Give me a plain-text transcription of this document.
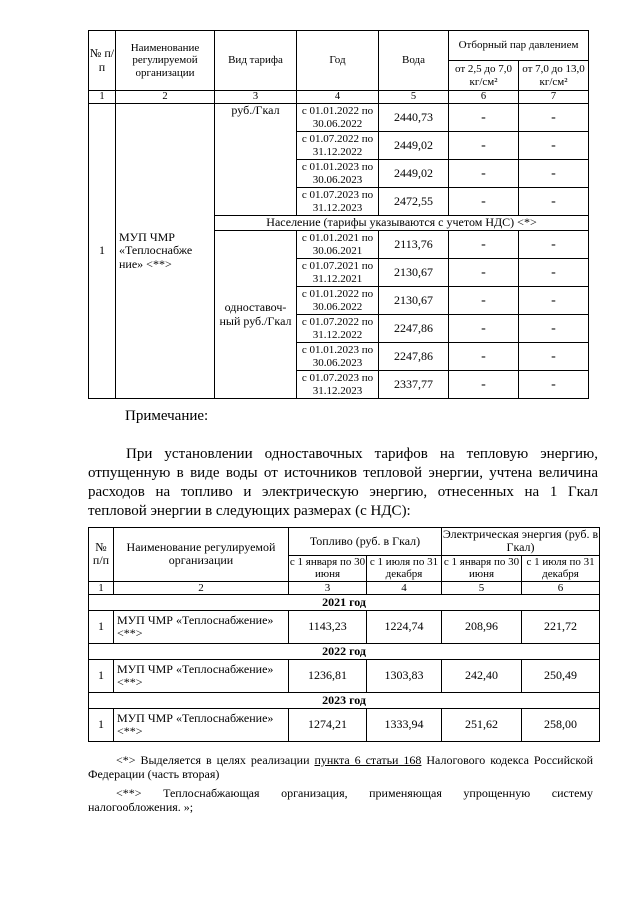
№ п/п	Наименование регулируемой организации	Вид тарифа	Год	Вода	Отборный пар давлением	
					от 2,5 до 7,0 кг/см²	от 7,0 до 13,0 кг/см²
1	2	3	4	5	6	7
1	МУП ЧМР «Теплоснабже ние» <**>	руб./Гкал	с 01.01.2022 по 30.06.2022	2440,73	-	-
			с 01.07.2022 по 31.12.2022	2449,02	-	-
			с 01.01.2023 по 30.06.2023	2449,02	-	-
			с 01.07.2023 по 31.12.2023	2472,55	-	-
		Население (тарифы указываются с учетом НДС) <*>				
		одноставоч-ный руб./Гкал	с 01.01.2021 по 30.06.2021	2113,76	-	-
			с 01.07.2021 по 31.12.2021	2130,67	-	-
			с 01.01.2022 по 30.06.2022	2130,67	-	-
			с 01.07.2022 по 31.12.2022	2247,86	-	-
			с 01.01.2023 по 30.06.2023	2247,86	-	-
			с 01.07.2023 по 31.12.2023	2337,77	-	-

Примечание:

При установлении одноставочных тарифов на тепловую энергию, отпущенную в виде воды от источников тепловой энергии, учтена величина расходов на топливо и электрическую энергию, отнесенных на 1 Гкал тепловой энергии в следующих размерах (с НДС):

№ п/п	Наименование регулируемой организации	Топливо (руб. в Гкал)		Электрическая энергия (руб. в Гкал)	
		с 1 января по 30 июня	с 1 июля по 31 декабря	с 1 января по 30 июня	с 1 июля по 31 декабря
1	2	3	4	5	6
2021 год					
1	МУП ЧМР «Теплоснабжение» <**>	1143,23	1224,74	208,96	221,72
2022 год					
1	МУП ЧМР «Теплоснабжение» <**>	1236,81	1303,83	242,40	250,49
2023 год					
1	МУП ЧМР «Теплоснабжение» <**>	1274,21	1333,94	251,62	258,00
<*> Выделяется в целях реализации пункта 6 статьи 168 Налогового кодекса Российской Федерации (часть вторая)
<**> Теплоснабжающая организация, применяющая упрощенную систему налогообложения. »;
